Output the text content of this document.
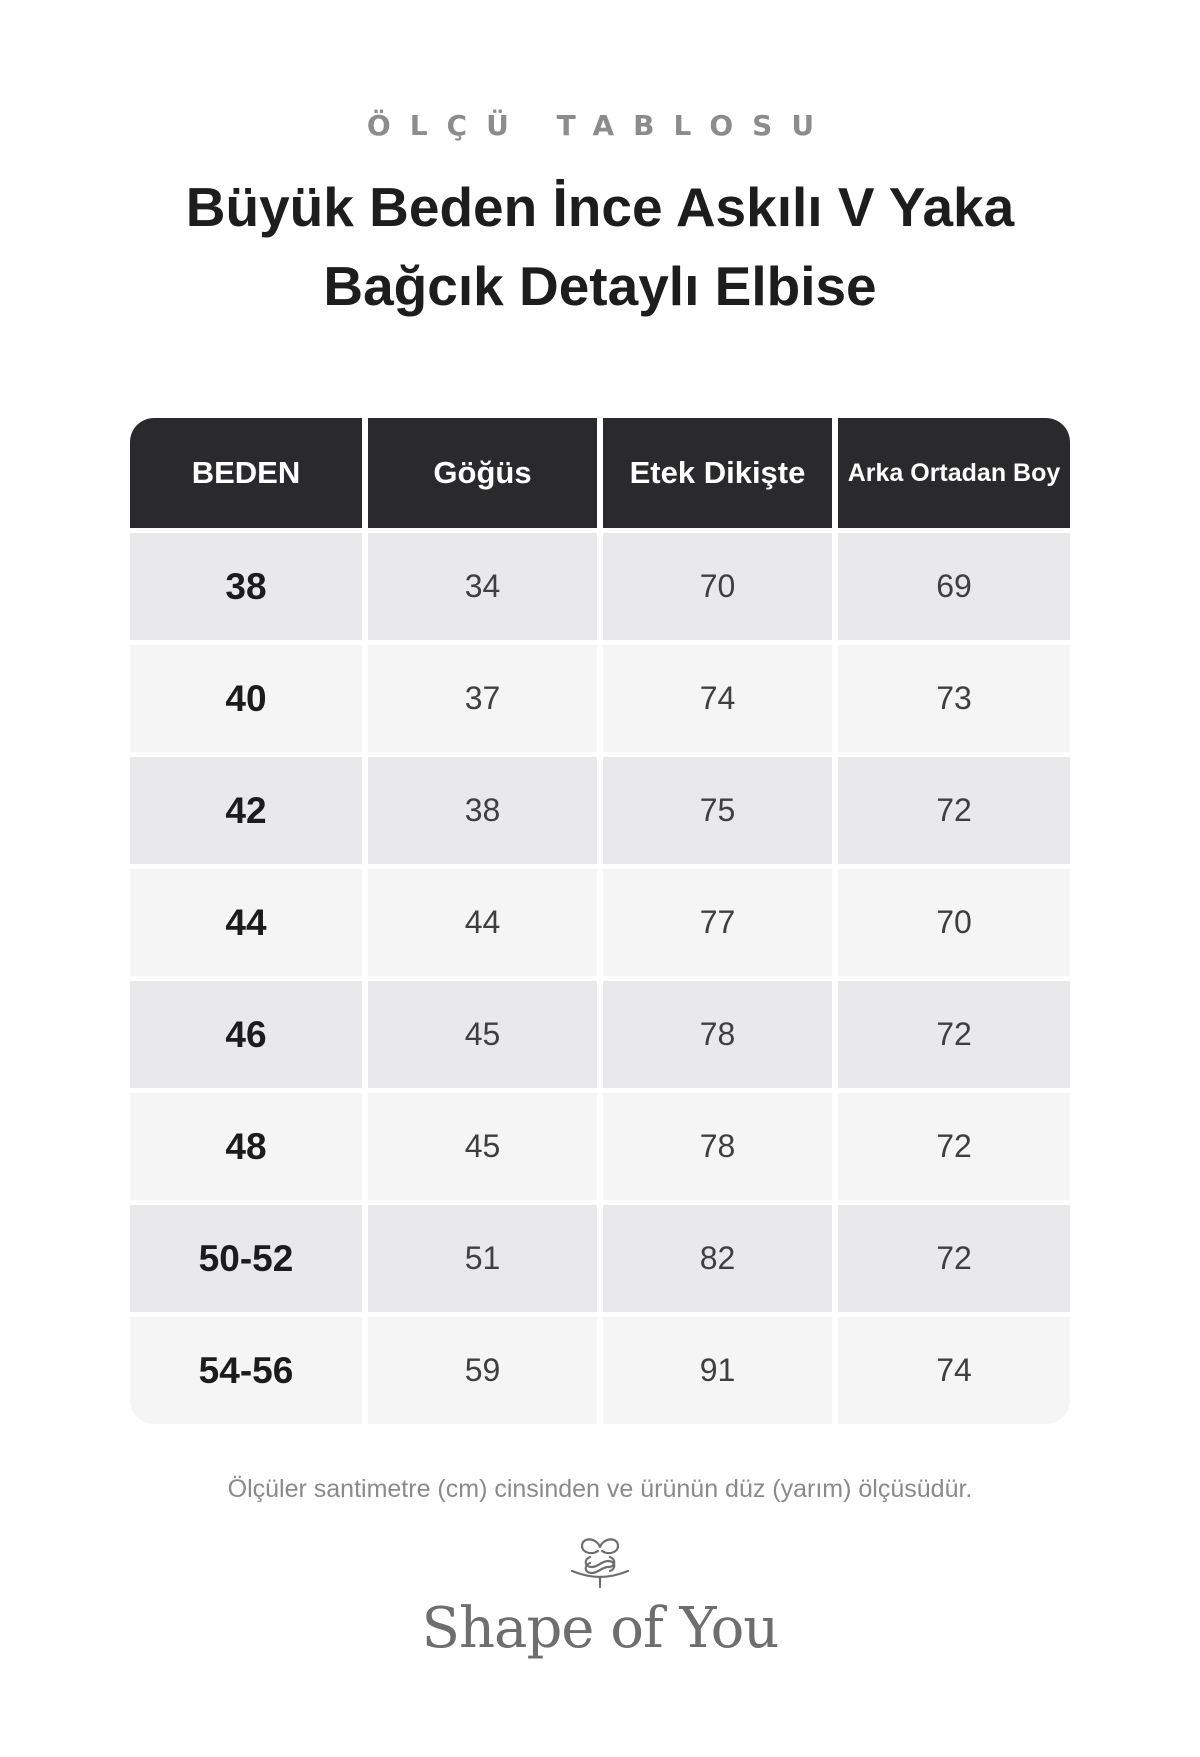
ÖLÇÜ TABLOSU
Büyük Beden İnce Askılı V Yaka
Bağcık Detaylı Elbise
BEDEN	Göğüs	Etek Dikişte	Arka Ortadan Boy
38	34	70	69
40	37	74	73
42	38	75	72
44	44	77	70
46	45	78	72
48	45	78	72
50-52	51	82	72
54-56	59	91	74
Ölçüler santimetre (cm) cinsinden ve ürünün düz (yarım) ölçüsüdür.
Shape of You
